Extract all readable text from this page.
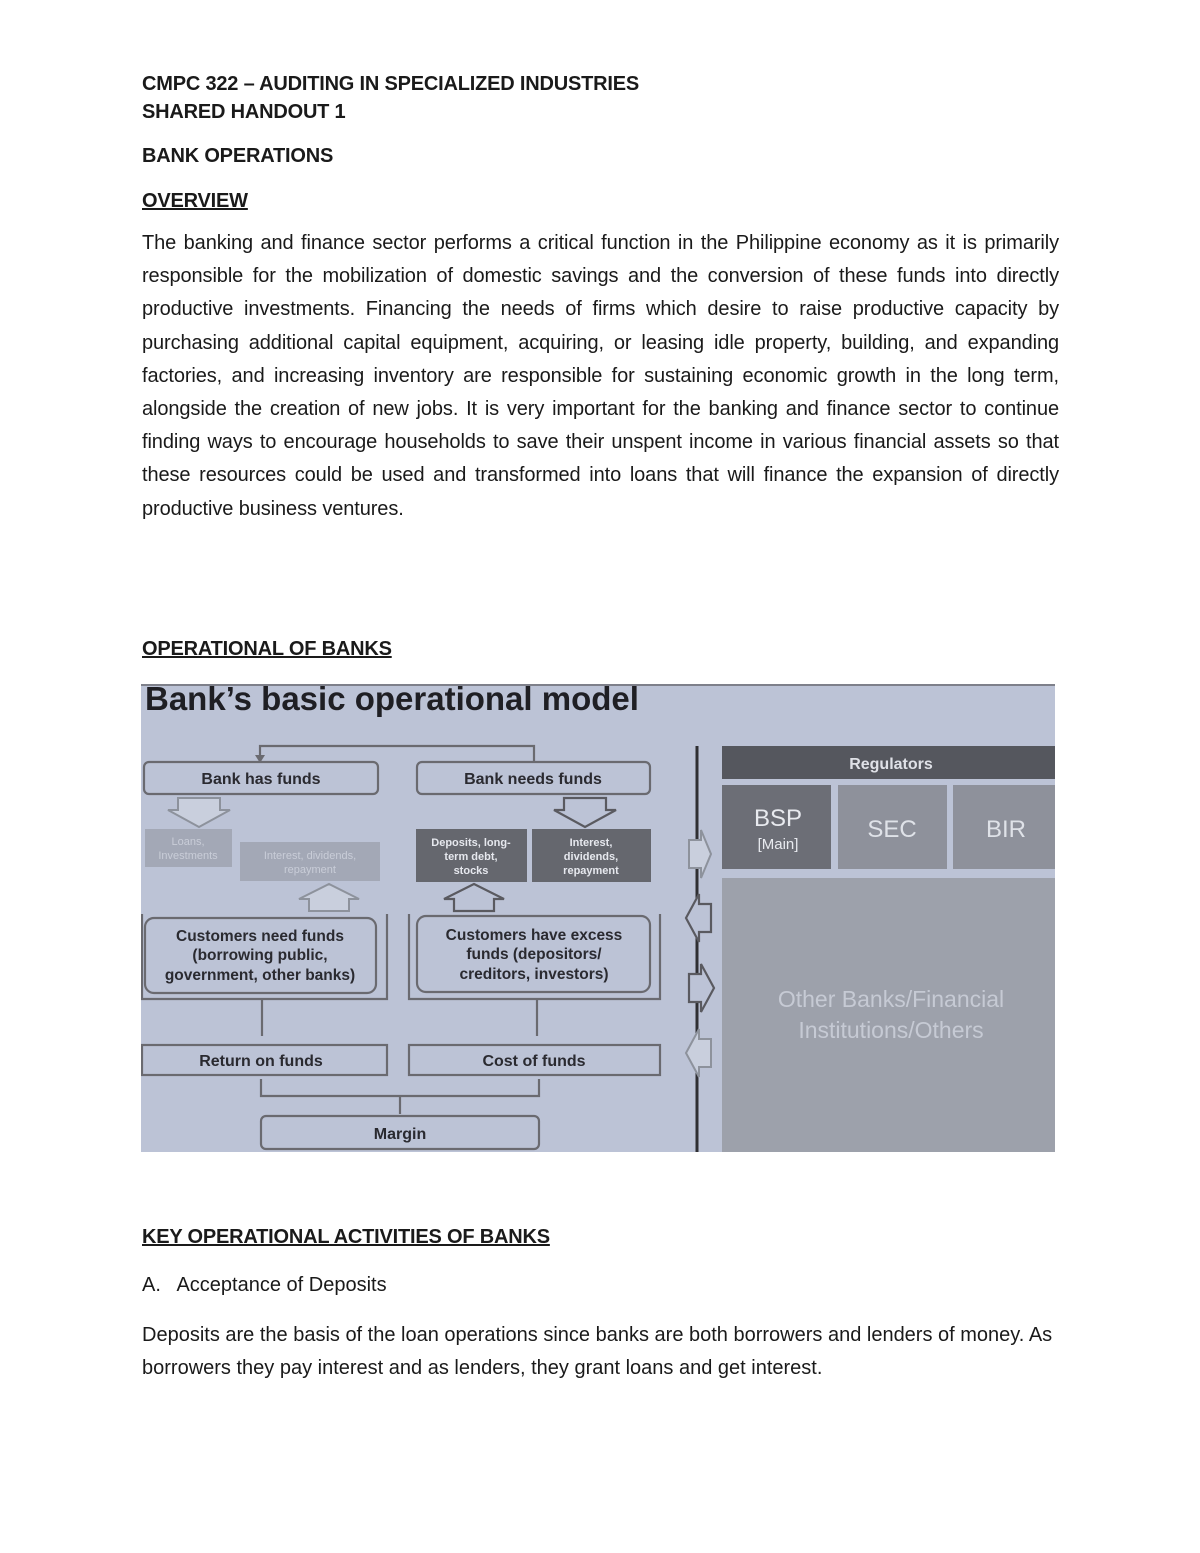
CMPC 322 – AUDITING IN SPECIALIZED INDUSTRIES
SHARED HANDOUT 1
BANK OPERATIONS
OVERVIEW
The banking and finance sector performs a critical function in the Philippine economy as it is primarily responsible for the mobilization of domestic savings and the conversion of these funds into directly productive investments. Financing the needs of firms which desire to raise productive capacity by purchasing additional capital equipment, acquiring, or leasing idle property, building, and expanding factories, and increasing inventory are responsible for sustaining economic growth in the long term, alongside the creation of new jobs. It is very important for the banking and finance sector to continue finding ways to encourage households to save their unspent income in various financial assets so that these resources could be used and transformed into loans that will finance the expansion of directly productive business ventures.
OPERATIONAL OF BANKS
KEY OPERATIONAL ACTIVITIES OF BANKS
A. Acceptance of Deposits
Deposits are the basis of the loan operations since banks are both borrowers and lenders of money. As borrowers they pay interest and as lenders, they grant loans and get interest.
Bank’s basic operational model
Bank has funds	Bank needs funds
Loans,
Investments	Interest, dividends,
repayment
Deposits, long-
term debt,
stocks
Interest,
dividends,
repayment
Customers need funds
(borrowing public,
government, other banks)
Customers have excess
funds (depositors/
creditors, investors)
Return on funds	Cost of funds
Margin
Regulators
BSP
[Main]
SEC	BIR
Other Banks/Financial
Institutions/Others
